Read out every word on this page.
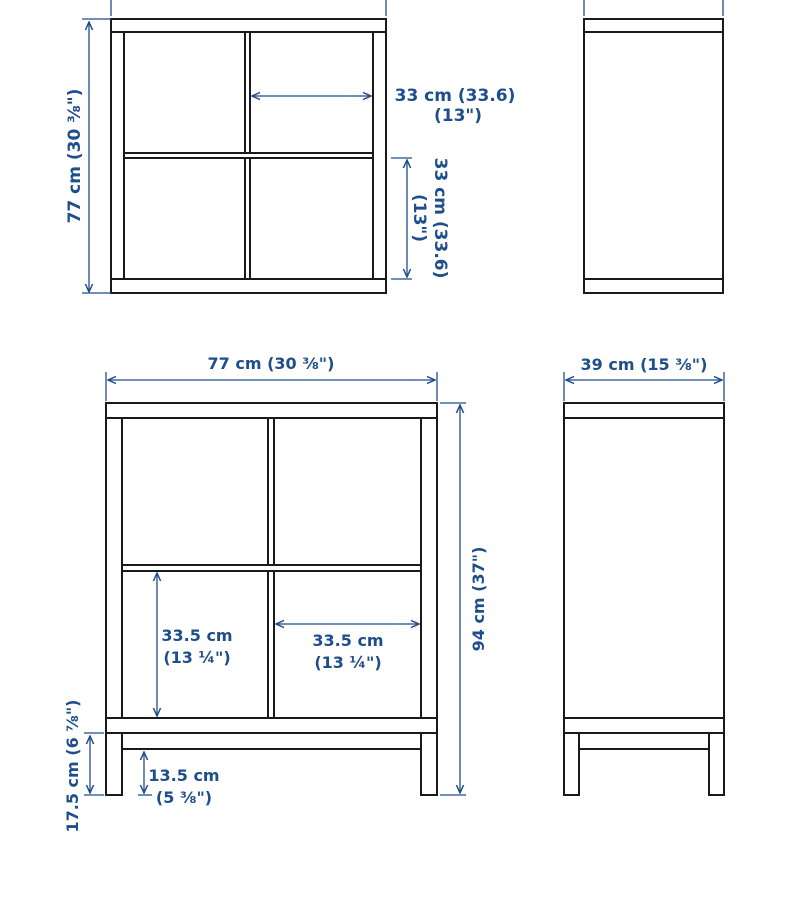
77 cm (30 ⅜")	33 cm (33.6)
(13")
33 cm (33.6)
(13")
77 cm (30 ⅜")
94 cm (37")
33.5 cm
(13 ¼")
33.5 cm
(13 ¼")
17.5 cm (6 ⅞")	13.5 cm
(5 ⅜")
39 cm (15 ⅜")
